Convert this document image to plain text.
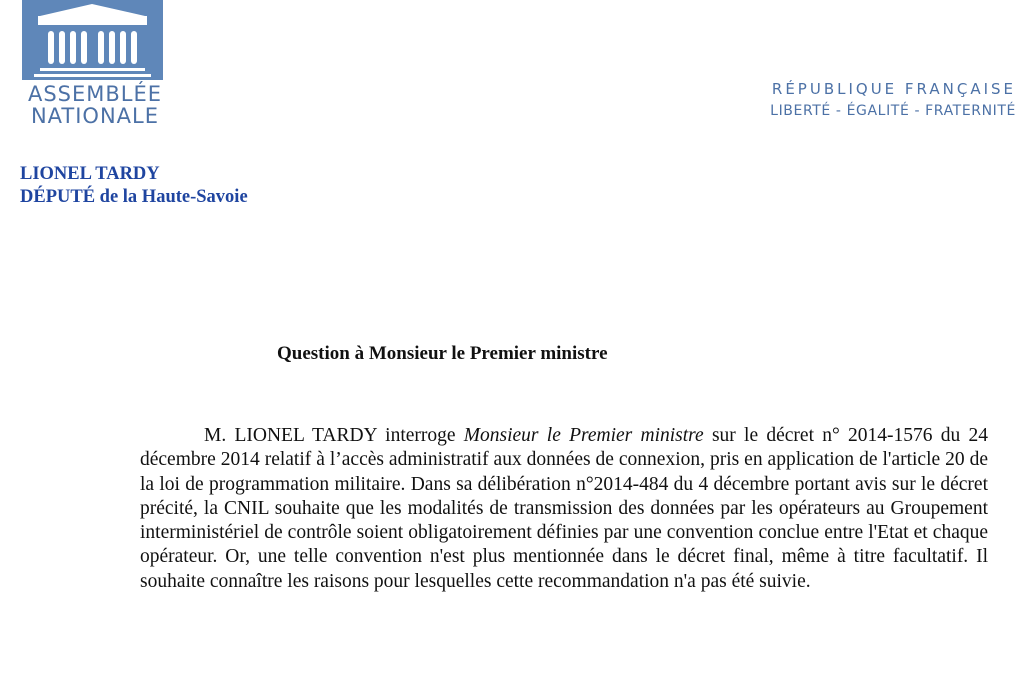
ASSEMBLÉE
NATIONALE
RÉPUBLIQUE FRANÇAISE
LIBERTÉ - ÉGALITÉ - FRATERNITÉ
LIONEL TARDY
DÉPUTÉ de la Haute-Savoie
Question à Monsieur le Premier ministre
M. LIONEL TARDY interroge Monsieur le Premier ministre sur le décret n° 2014-1576 du 24 décembre 2014 relatif à l’accès administratif aux données de connexion, pris en application de l'article 20 de la loi de programmation militaire. Dans sa délibération n°2014-484 du 4 décembre portant avis sur le décret précité, la CNIL souhaite que les modalités de transmission des données par les opérateurs au Groupement interministériel de contrôle soient obligatoirement définies par une convention conclue entre l'Etat et chaque opérateur. Or, une telle convention n'est plus mentionnée dans le décret final, même à titre facultatif. Il souhaite connaître les raisons pour lesquelles cette recommandation n'a pas été suivie.
